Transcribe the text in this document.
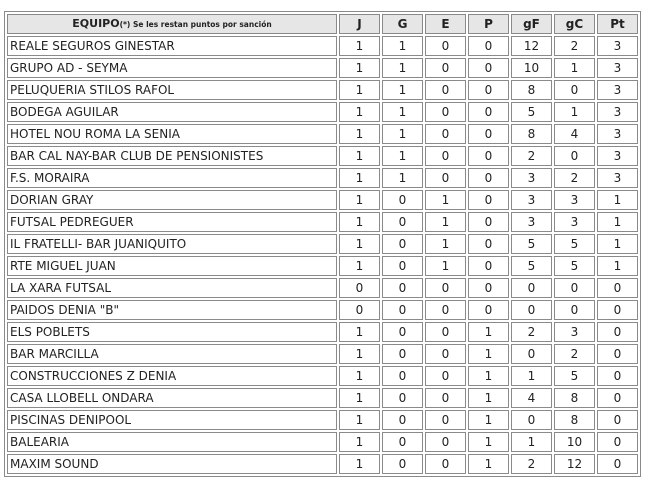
EQUIPO(*) Se les restan puntos por sanción	J	G	E	P	gF	gC	Pt
REALE SEGUROS GINESTAR	1	1	0	0	12	2	3
GRUPO AD - SEYMA	1	1	0	0	10	1	3
PELUQUERIA STILOS RAFOL	1	1	0	0	8	0	3
BODEGA AGUILAR	1	1	0	0	5	1	3
HOTEL NOU ROMA LA SENIA	1	1	0	0	8	4	3
BAR CAL NAY-BAR CLUB DE PENSIONISTES	1	1	0	0	2	0	3
F.S. MORAIRA	1	1	0	0	3	2	3
DORIAN GRAY	1	0	1	0	3	3	1
FUTSAL PEDREGUER	1	0	1	0	3	3	1
IL FRATELLI- BAR JUANIQUITO	1	0	1	0	5	5	1
RTE MIGUEL JUAN	1	0	1	0	5	5	1
LA XARA FUTSAL	0	0	0	0	0	0	0
PAIDOS DENIA "B"	0	0	0	0	0	0	0
ELS POBLETS	1	0	0	1	2	3	0
BAR MARCILLA	1	0	0	1	0	2	0
CONSTRUCCIONES Z DENIA	1	0	0	1	1	5	0
CASA LLOBELL ONDARA	1	0	0	1	4	8	0
PISCINAS DENIPOOL	1	0	0	1	0	8	0
BALEARIA	1	0	0	1	1	10	0
MAXIM SOUND	1	0	0	1	2	12	0
